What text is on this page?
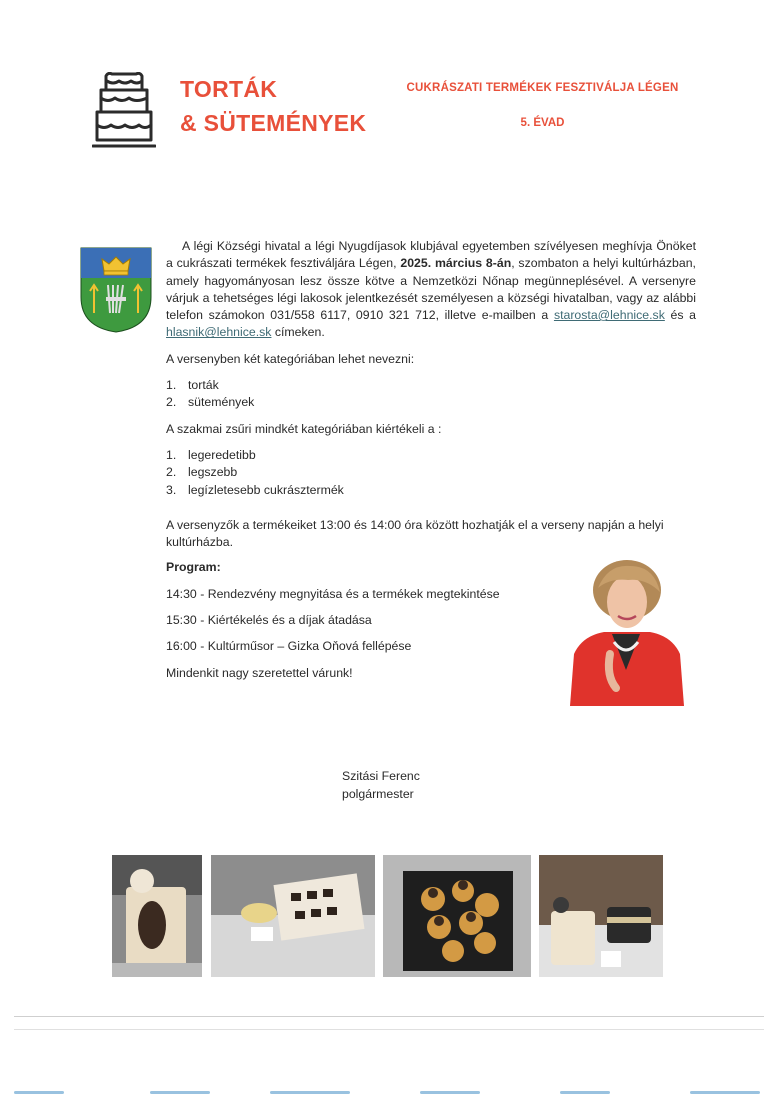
TORTÁK
& SÜTEMÉNYEK
CUKRÁSZATI TERMÉKEK FESZTIVÁLJA LÉGEN
5. ÉVAD

A légi Községi hivatal a légi Nyugdíjasok klubjával egyetemben szívélyesen meghívja Önöket a cukrászati termékek fesztiváljára Légen, 2025. március 8-án, szombaton a helyi kultúrházban, amely hagyományosan lesz össze kötve a Nemzetközi Nőnap megünneplésével. A versenyre várjuk a tehetséges légi lakosok jelentkezését személyesen a községi hivatalban, vagy az alábbi telefon számokon 031/558 6117, 0910 321 712, illetve e-mailben a starosta@lehnice.sk és a hlasnik@lehnice.sk címeken.

A versenyben két kategóriában lehet nevezni:

1. torták
2. sütemények

A szakmai zsűri mindkét kategóriában kiértékeli a :

1. legeredetibb
2. legszebb
3. legízletesebb cukrásztermék

A versenyzők a termékeiket 13:00 és 14:00 óra között hozhatják el a verseny napján a helyi kultúrházba.

Program:

14:30 - Rendezvény megnyitása és a termékek megtekintése

15:30 - Kiértékelés és a díjak átadása

16:00 - Kultúrműsor – Gizka Oňová fellépése

Mindenkit nagy szeretettel várunk!

Szitási Ferenc
polgármester
